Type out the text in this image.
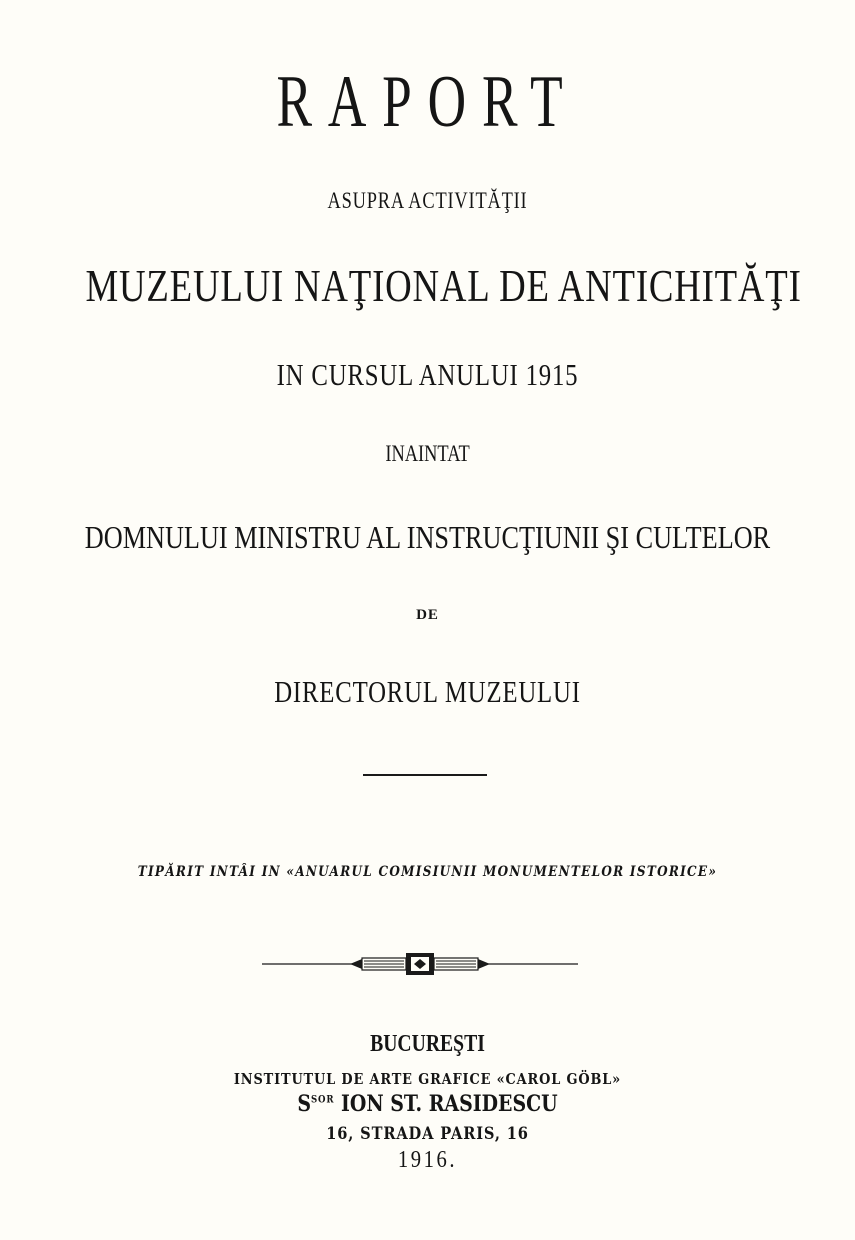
RAPORT
ASUPRA ACTIVITĂŢII
MUZEULUI NAŢIONAL DE ANTICHITĂŢI
IN CURSUL ANULUI 1915
INAINTAT
DOMNULUI MINISTRU AL INSTRUCŢIUNII ŞI CULTELOR
DE
DIRECTORUL MUZEULUI
TIPĂRIT INTÂI IN «ANUARUL COMISIUNII MONUMENTELOR ISTORICE»
BUCUREŞTI
INSTITUTUL DE ARTE GRAFICE «CAROL GÖBL»
$S^{SOR}$ ION ST. RASIDESCU
16, STRADA PARIS, 16
1916.
